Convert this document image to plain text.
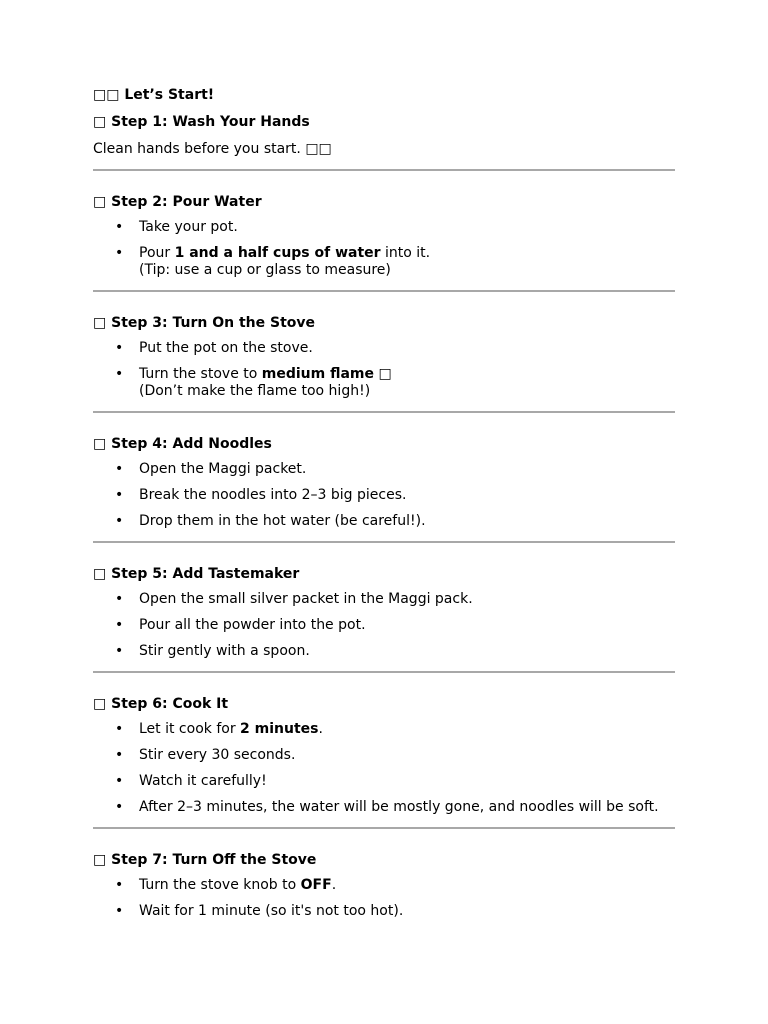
□□ Let’s Start!

□ Step 1: Wash Your Hands

Clean hands before you start. □□

□ Step 2: Pour Water

• Take your pot.
• Pour 1 and a half cups of water into it.
(Tip: use a cup or glass to measure)

□ Step 3: Turn On the Stove

• Put the pot on the stove.
• Turn the stove to medium flame □
(Don’t make the flame too high!)

□ Step 4: Add Noodles

• Open the Maggi packet.
• Break the noodles into 2–3 big pieces.
• Drop them in the hot water (be careful!).

□ Step 5: Add Tastemaker

• Open the small silver packet in the Maggi pack.
• Pour all the powder into the pot.
• Stir gently with a spoon.

□ Step 6: Cook It

• Let it cook for 2 minutes.
• Stir every 30 seconds.
• Watch it carefully!
• After 2–3 minutes, the water will be mostly gone, and noodles will be soft.

□ Step 7: Turn Off the Stove

• Turn the stove knob to OFF.
• Wait for 1 minute (so it's not too hot).
